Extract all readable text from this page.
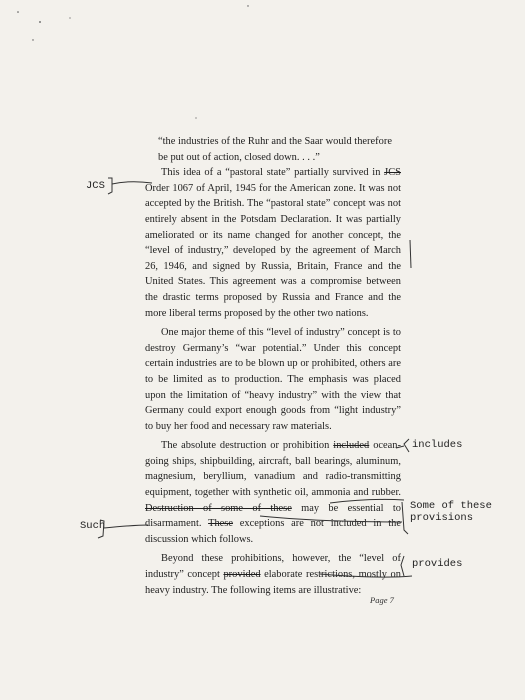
“the industries of the Ruhr and the Saar would therefore be put out of action, closed down. . . .”

This idea of a “pastoral state” partially survived in JCS Order 1067 of April, 1945 for the American zone. It was not accepted by the British. The “pastoral state” concept was not entirely absent in the Potsdam Declaration. It was partially ameliorated or its name changed for another concept, the “level of industry,” developed by the agreement of March 26, 1946, and signed by Russia, Britain, France and the United States. This agreement was a compromise between the drastic terms proposed by Russia and France and the more liberal terms proposed by the other two nations.

One major theme of this “level of industry” concept is to destroy Germany’s “war potential.” Under this concept certain industries are to be blown up or prohibited, others are to be limited as to production. The emphasis was placed upon the limitation of “heavy industry” with the view that Germany could export enough goods from “light industry” to buy her food and necessary raw materials.

The absolute destruction or prohibition included ocean-going ships, shipbuilding, aircraft, ball bearings, aluminum, magnesium, beryllium, vanadium and radio-transmitting equipment, together with synthetic oil, ammonia and rubber. Destruction of some of these may be essential to disarmament. These exceptions are not included in the discussion which follows.

Beyond these prohibitions, however, the “level of industry” concept provided elaborate restrictions, mostly on heavy industry. The following items are illustrative:

JCS
includes
Some of these
provisions
Such
provides
Page 7
